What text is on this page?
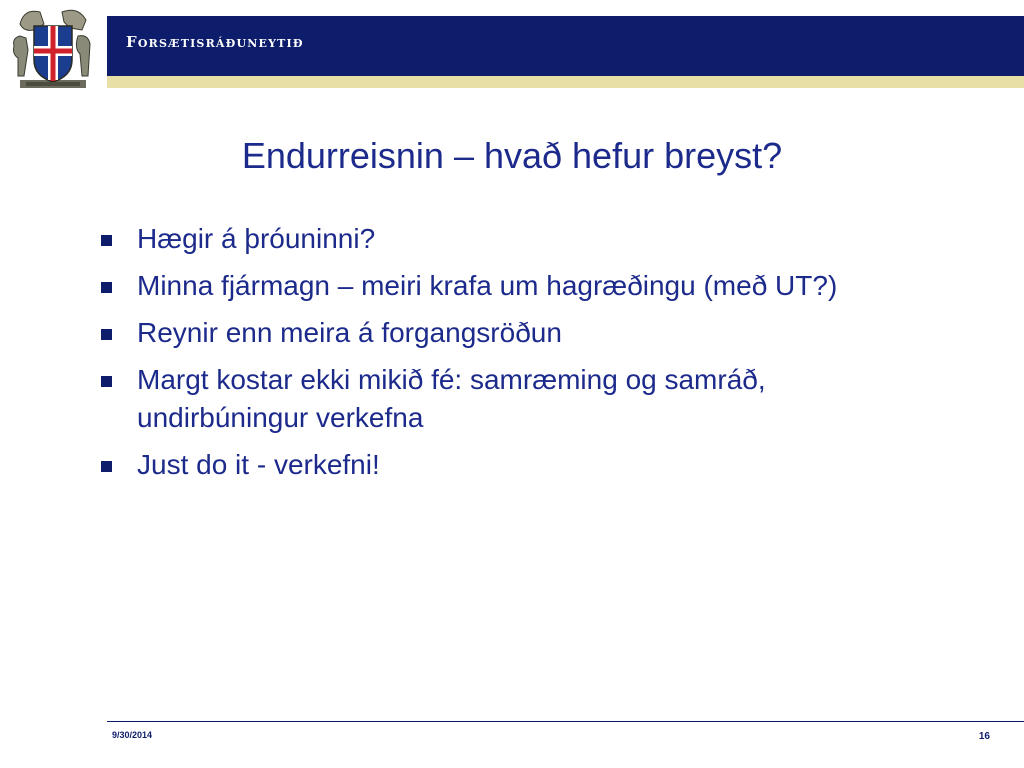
Forsætisráðuneytið
Endurreisnin – hvað hefur breyst?
Hægir á þróuninni?
Minna fjármagn – meiri krafa um hagræðingu (með UT?)
Reynir enn meira á forgangsröðun
Margt kostar ekki mikið fé: samræming og samráð, undirbúningur verkefna
Just do it - verkefni!
9/30/2014	16
